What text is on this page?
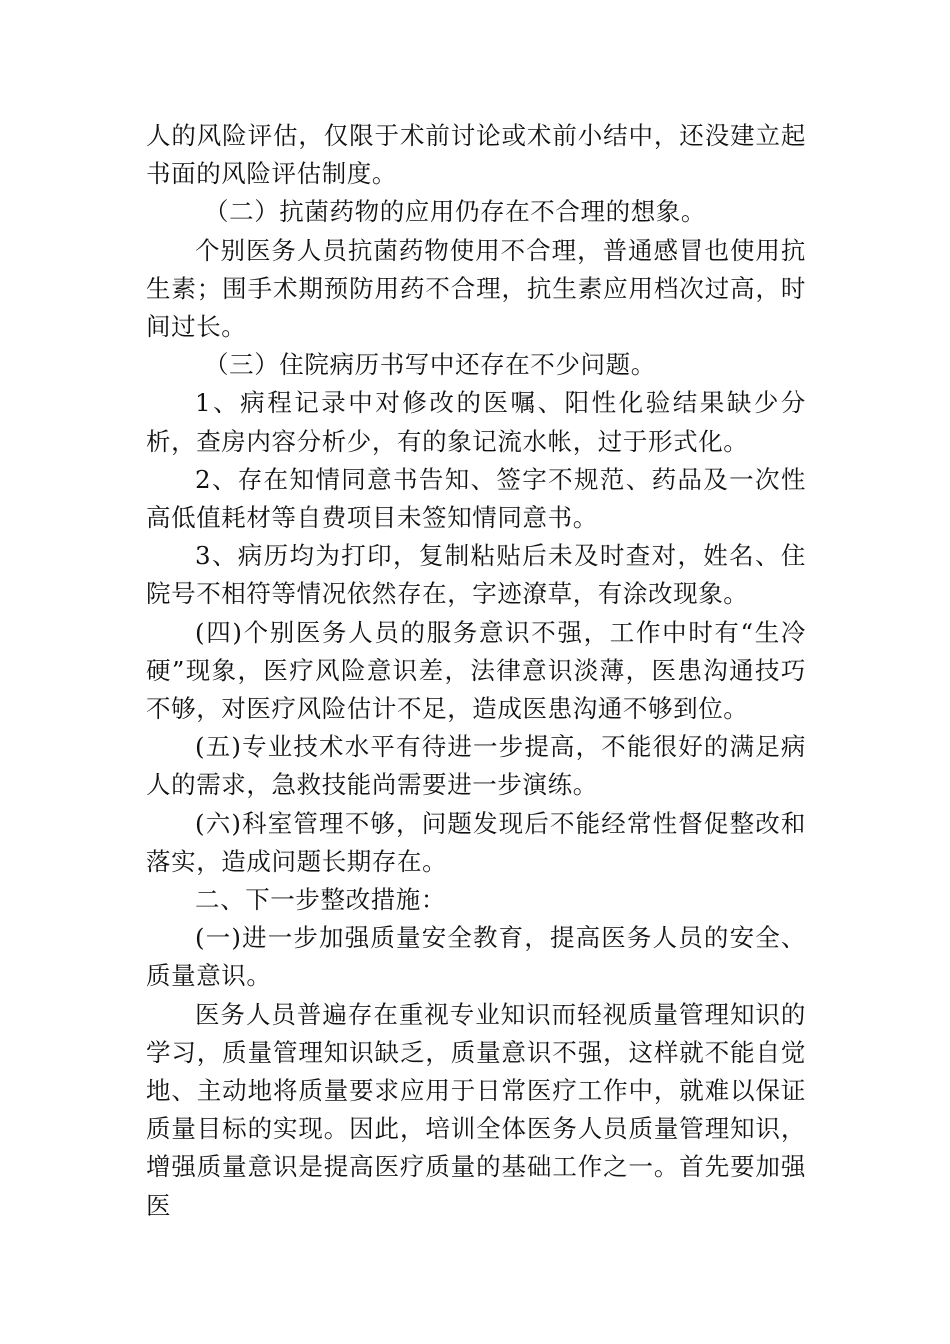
人的风险评估，仅限于术前讨论或术前小结中，还没建立起书面的风险评估制度。

（二）抗菌药物的应用仍存在不合理的想象。

个别医务人员抗菌药物使用不合理，普通感冒也使用抗生素；围手术期预防用药不合理，抗生素应用档次过高，时间过长。

（三）住院病历书写中还存在不少问题。

1、病程记录中对修改的医嘱、阳性化验结果缺少分析，查房内容分析少，有的象记流水帐，过于形式化。

2、存在知情同意书告知、签字不规范、药品及一次性高低值耗材等自费项目未签知情同意书。

3、病历均为打印，复制粘贴后未及时查对，姓名、住院号不相符等情况依然存在，字迹潦草，有涂改现象。

(四)个别医务人员的服务意识不强，工作中时有“生冷硬”现象，医疗风险意识差，法律意识淡薄，医患沟通技巧不够，对医疗风险估计不足，造成医患沟通不够到位。

(五)专业技术水平有待进一步提高，不能很好的满足病人的需求，急救技能尚需要进一步演练。

(六)科室管理不够，问题发现后不能经常性督促整改和落实，造成问题长期存在。

二、下一步整改措施：

(一)进一步加强质量安全教育，提高医务人员的安全、质量意识。

医务人员普遍存在重视专业知识而轻视质量管理知识的学习，质量管理知识缺乏，质量意识不强，这样就不能自觉地、主动地将质量要求应用于日常医疗工作中，就难以保证质量目标的实现。因此，培训全体医务人员质量管理知识，增强质量意识是提高医疗质量的基础工作之一。首先要加强医
